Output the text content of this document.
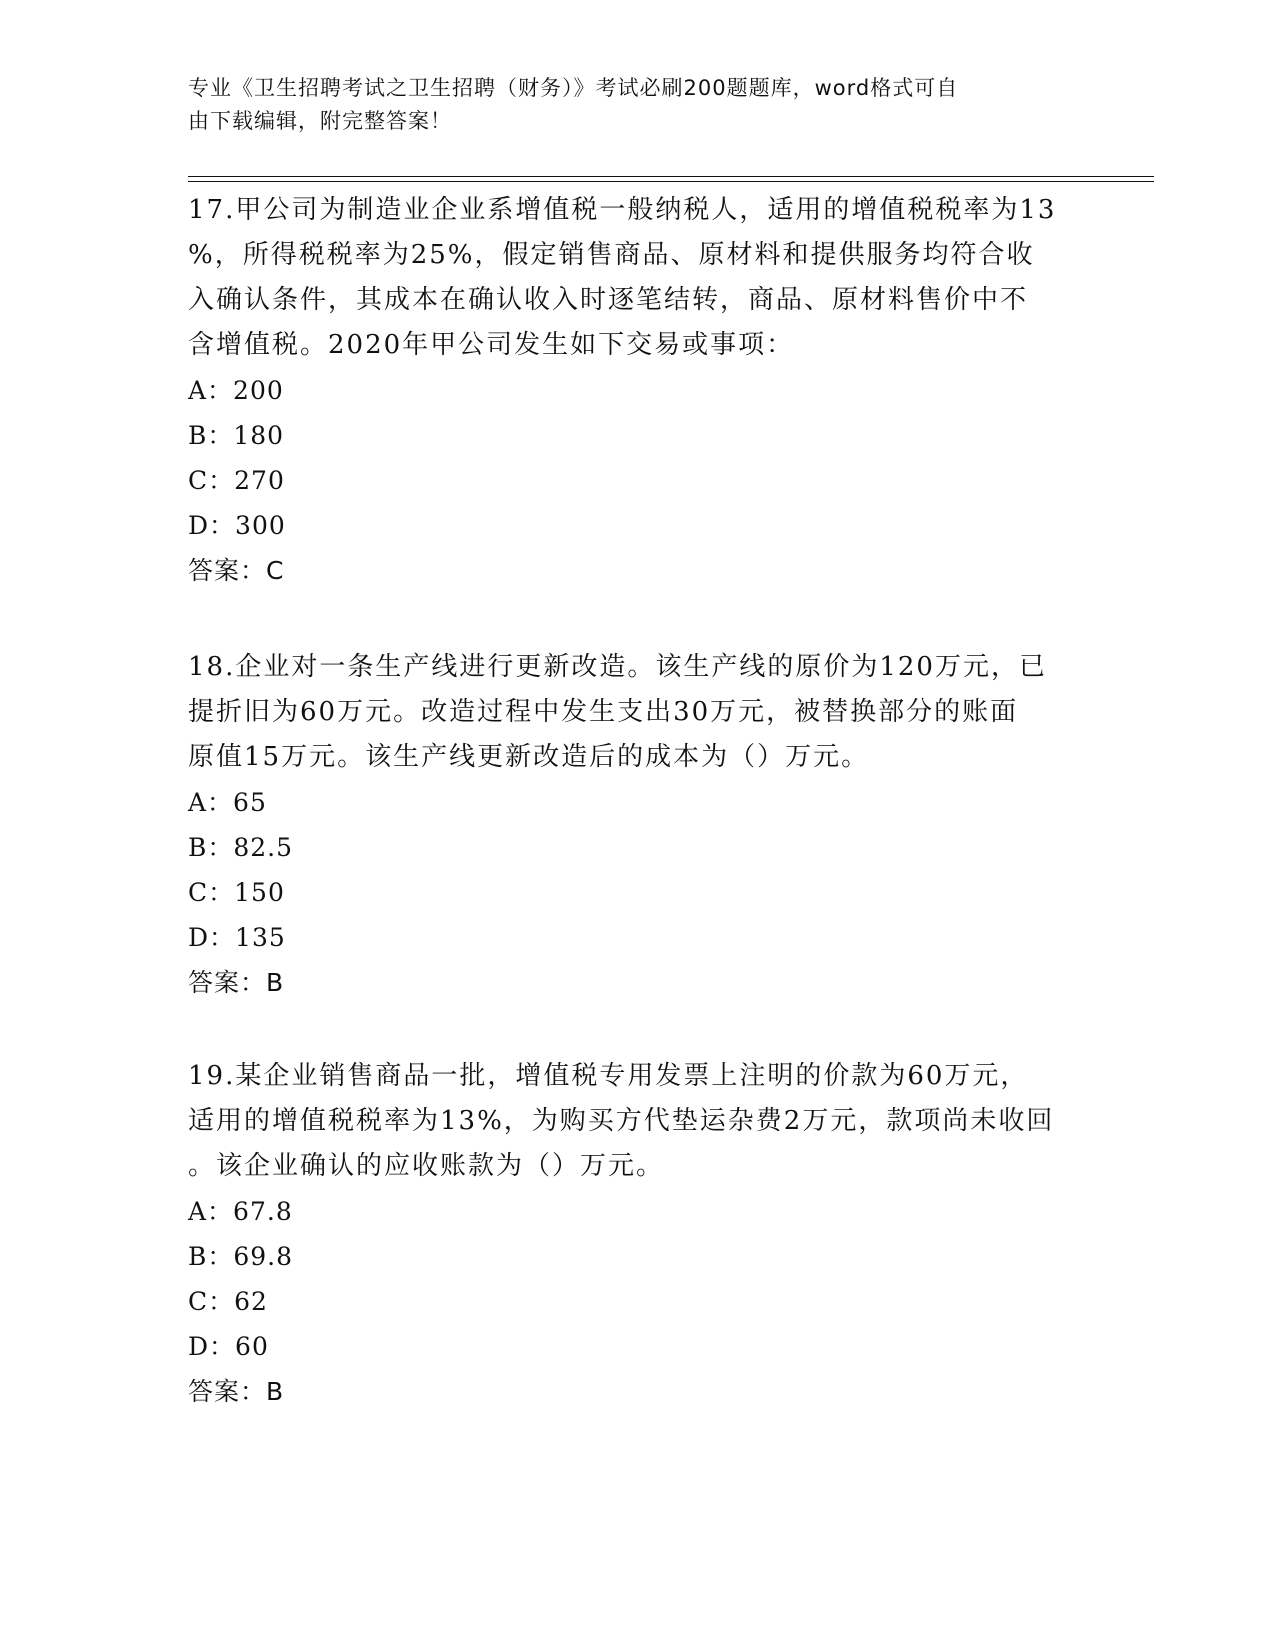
专业《卫生招聘考试之卫生招聘（财务）》考试必刷200题题库，word格式可自
由下载编辑，附完整答案！
17.甲公司为制造业企业系增值税一般纳税人，适用的增值税税率为13
%，所得税税率为25%，假定销售商品、原材料和提供服务均符合收
入确认条件，其成本在确认收入时逐笔结转，商品、原材料售价中不
含增值税。2020年甲公司发生如下交易或事项：
A：200
B：180
C：270
D：300
答案：C
18.企业对一条生产线进行更新改造。该生产线的原价为120万元，已
提折旧为60万元。改造过程中发生支出30万元，被替换部分的账面
原值15万元。该生产线更新改造后的成本为（）万元。
A：65
B：82.5
C：150
D：135
答案：B
19.某企业销售商品一批，增值税专用发票上注明的价款为60万元，
适用的增值税税率为13%，为购买方代垫运杂费2万元，款项尚未收回
。该企业确认的应收账款为（）万元。
A：67.8
B：69.8
C：62
D：60
答案：B
